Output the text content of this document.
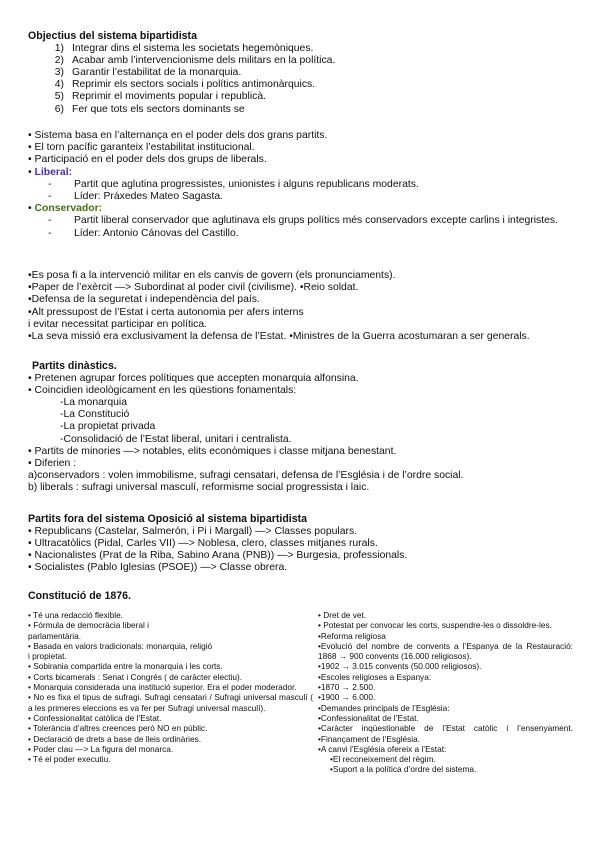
Objectius del sistema bipartidista
1) Integrar dins el sistema les societats hegemòniques.
2) Acabar amb l’intervencionisme dels militars en la política.
3) Garantir l’estabilitat de la monarquia.
4) Reprimir els sectors socials i polítics antimonàrquics.
5) Reprimir el moviments popular i republicà.
6) Fer que tots els sectors dominants se
• Sistema basa en l’alternança en el poder dels dos grans partits.
• El torn pacífic garanteix l’estabilitat institucional.
• Participació en el poder dels dos grups de liberals.
• Liberal:
-	Partit que aglutina progressistes, unionistes i alguns republicans moderats.
-	Líder: Práxedes Mateo Sagasta.
• Conservador:
-	Partit liberal conservador que aglutinava els grups polítics més conservadors excepte carlins i integristes.
-	Líder: Antonio Cánovas del Castillo.
•Es posa fi a la intervenció militar en els canvis de govern (els pronunciaments).
•Paper de l’exèrcit —> Subordinat al poder civil (civilisme). •Reio soldat.
•Defensa de la seguretat i independència del país.
•Alt pressupost de l’Estat i certa autonomia per afers interns
i evitar necessitat participar en política.
•La seva missió era exclusivament la defensa de l’Estat. •Ministres de la Guerra acostumaran a ser generals.
Partits dinàstics.
• Pretenen agrupar forces polítiques que accepten monarquia alfonsina.
• Coincidien ideològicament en les qüestions fonamentals:
-La monarquia
-La Constitució
-La propietat privada
-Consolidació de l’Estat liberal, unitari i centralista.
• Partits de minories —> notables, elits econòmiques i classe mitjana benestant.
• Diferien :
a)conservadors : volen immobilisme, sufragi censatari, defensa de l’Església i de l’ordre social.
b) liberals : sufragi universal masculí, reformisme social progressista i laic.
Partits fora del sistema Oposició al sistema bipartidista
• Republicans (Castelar, Salmerón, i Pi i Margall) —> Classes populars.
• Ultracatòlics (Pidal, Carles VII) —> Noblesa, clero, classes mitjanes rurals.
• Nacionalistes (Prat de la Riba, Sabino Arana (PNB)) —> Burgesia, professionals.
• Socialistes (Pablo Iglesias (PSOE)) —> Classe obrera.
Constitució de 1876.
• Té una redacció flexible.
• Fórmula de democràcia liberal i
parlamentària.
• Basada en valors tradicionals: monarquia, religió
i propietat.
• Sobirania compartida entre la monarquia i les corts.
• Corts bicamerals : Senat i Congrés ( de caràcter electiu).
• Monarquia considerada una institució superior. Era el poder moderador.
• No es fixa el tipus de sufragi. Sufragi censatari / Sufragi universal masculí ( a les primeres eleccions es va fer per Sufragi universal masculí).
• Confessionalitat catòlica de l’Estat.
• Tolerància d’altres creences però NO en públic.
• Declaració de drets a base de lleis ordinàries.
• Poder clau —> La figura del monarca.
• Té el poder executiu.
• Dret de vet.
• Potestat per convocar les corts, suspendre-les o dissoldre-les.
•Reforma religiosa
•Evolució del nombre de convents a l’Espanya de la Restauració: 1868 → 900 convents (16.000 religiosos).
•1902 → 3.015 convents (50.000 religiosos).
•Escoles religioses a Espanya:
•1870 → 2.500.
•1900 → 6.000.
•Demandes principals de l’Església:
•Confessionalitat de l’Estat.
•Caràcter inqüestionable de l’Estat catòlic i l’ensenyament. •Finançament de l’Església.
•A canvi l’Església ofereix a l’Estat:
•El reconeixement del règim.
•Suport a la política d’ordre del sistema.
